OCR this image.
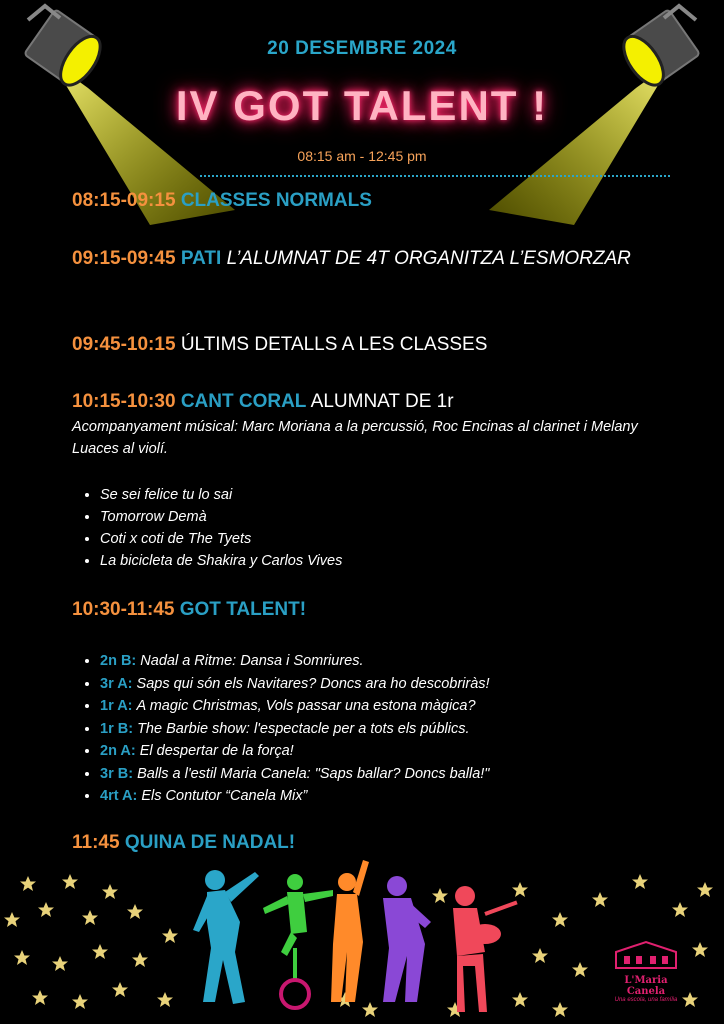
20 DESEMBRE 2024
IV GOT TALENT !
08:15 am - 12:45 pm
08:15-09:15 CLASSES NORMALS
09:15-09:45 PATI L’ALUMNAT DE 4T ORGANITZA L’ESMORZAR
09:45-10:15 ÚLTIMS DETALLS A LES CLASSES
10:15-10:30 CANT CORAL ALUMNAT DE 1r
Acompanyament músical: Marc Moriana a la percussió, Roc Encinas al clarinet i Melany Luaces al violí.
• Se sei felice tu lo sai
• Tomorrow Demà
• Coti x coti de The Tyets
• La bicicleta de Shakira y Carlos Vives
10:30-11:45 GOT TALENT!
• 2n B: Nadal a Ritme: Dansa i Somriures.
• 3r A: Saps qui són els Navitares? Doncs ara ho descobriràs!
• 1r A: A magic Christmas, Vols passar una estona màgica?
• 1r B: The Barbie show: l'espectacle per a tots els públics.
• 2n A: El despertar de la força!
• 3r B: Balls a l'estil Maria Canela: "Saps ballar? Doncs balla!"
• 4rt A: Els Contutor “Canela Mix”
11:45 QUINA DE NADAL!
L'Maria Canela
Una escola, una família
